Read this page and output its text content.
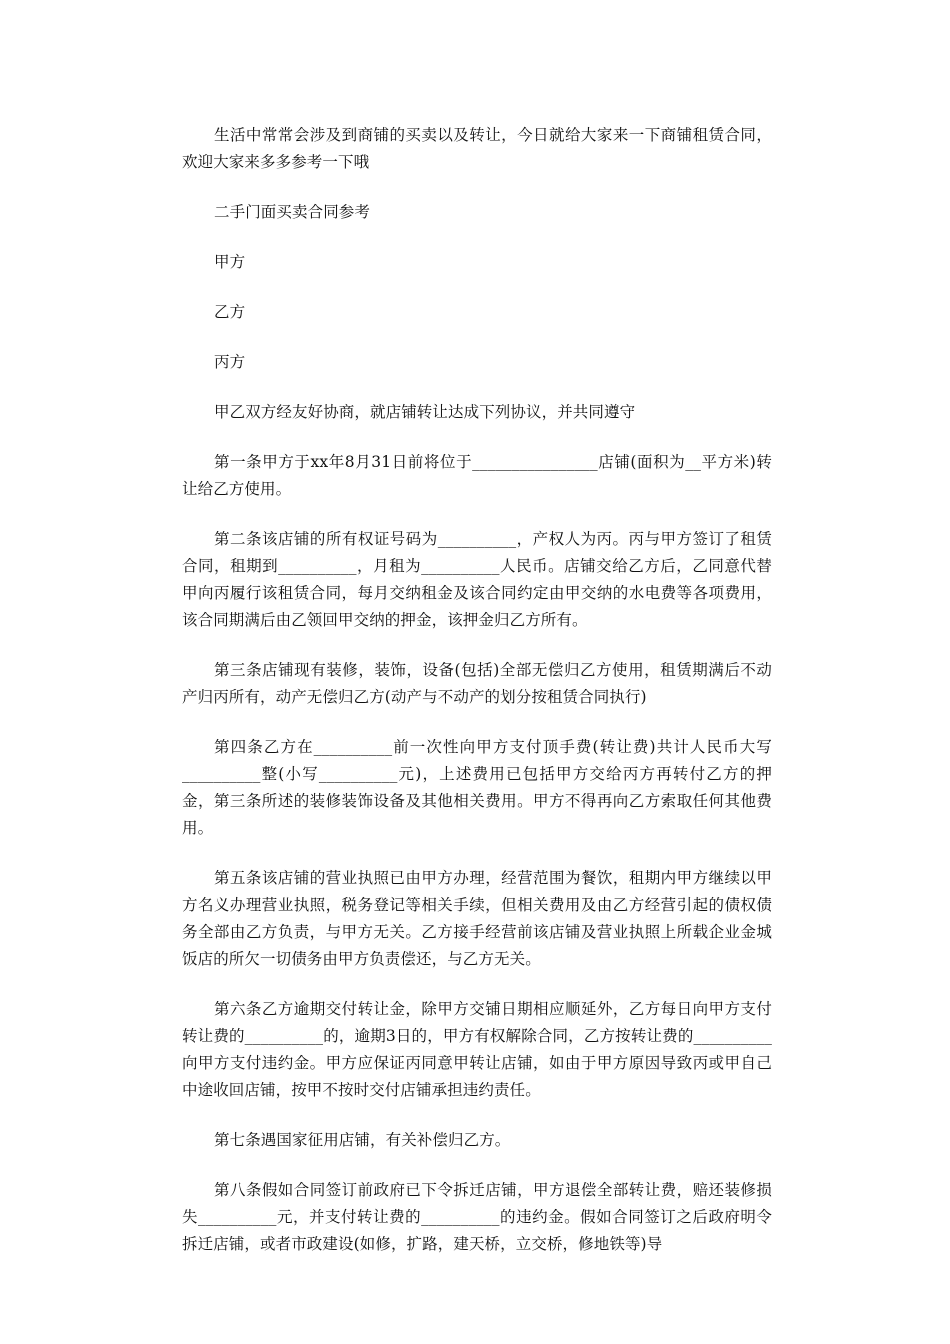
生活中常常会涉及到商铺的买卖以及转让，今日就给大家来一下商铺租赁合同，欢迎大家来多多参考一下哦

二手门面买卖合同参考

甲方

乙方

丙方

甲乙双方经友好协商，就店铺转让达成下列协议，并共同遵守

第一条甲方于xx年8月31日前将位于________________店铺(面积为__平方米)转让给乙方使用。

第二条该店铺的所有权证号码为__________，产权人为丙。丙与甲方签订了租赁合同，租期到__________，月租为__________人民币。店铺交给乙方后，乙同意代替甲向丙履行该租赁合同，每月交纳租金及该合同约定由甲交纳的水电费等各项费用，该合同期满后由乙领回甲交纳的押金，该押金归乙方所有。

第三条店铺现有装修，装饰，设备(包括)全部无偿归乙方使用，租赁期满后不动产归丙所有，动产无偿归乙方(动产与不动产的划分按租赁合同执行)

第四条乙方在__________前一次性向甲方支付顶手费(转让费)共计人民币大写__________整(小写__________元)，上述费用已包括甲方交给丙方再转付乙方的押金，第三条所述的装修装饰设备及其他相关费用。甲方不得再向乙方索取任何其他费用。

第五条该店铺的营业执照已由甲方办理，经营范围为餐饮，租期内甲方继续以甲方名义办理营业执照，税务登记等相关手续，但相关费用及由乙方经营引起的债权债务全部由乙方负责，与甲方无关。乙方接手经营前该店铺及营业执照上所载企业金城饭店的所欠一切债务由甲方负责偿还，与乙方无关。

第六条乙方逾期交付转让金，除甲方交铺日期相应顺延外，乙方每日向甲方支付转让费的__________的，逾期3日的，甲方有权解除合同，乙方按转让费的__________向甲方支付违约金。甲方应保证丙同意甲转让店铺，如由于甲方原因导致丙或甲自己中途收回店铺，按甲不按时交付店铺承担违约责任。

第七条遇国家征用店铺，有关补偿归乙方。

第八条假如合同签订前政府已下令拆迁店铺，甲方退偿全部转让费，赔还装修损失__________元，并支付转让费的__________的违约金。假如合同签订之后政府明令拆迁店铺，或者市政建设(如修，扩路，建天桥，立交桥，修地铁等)导
